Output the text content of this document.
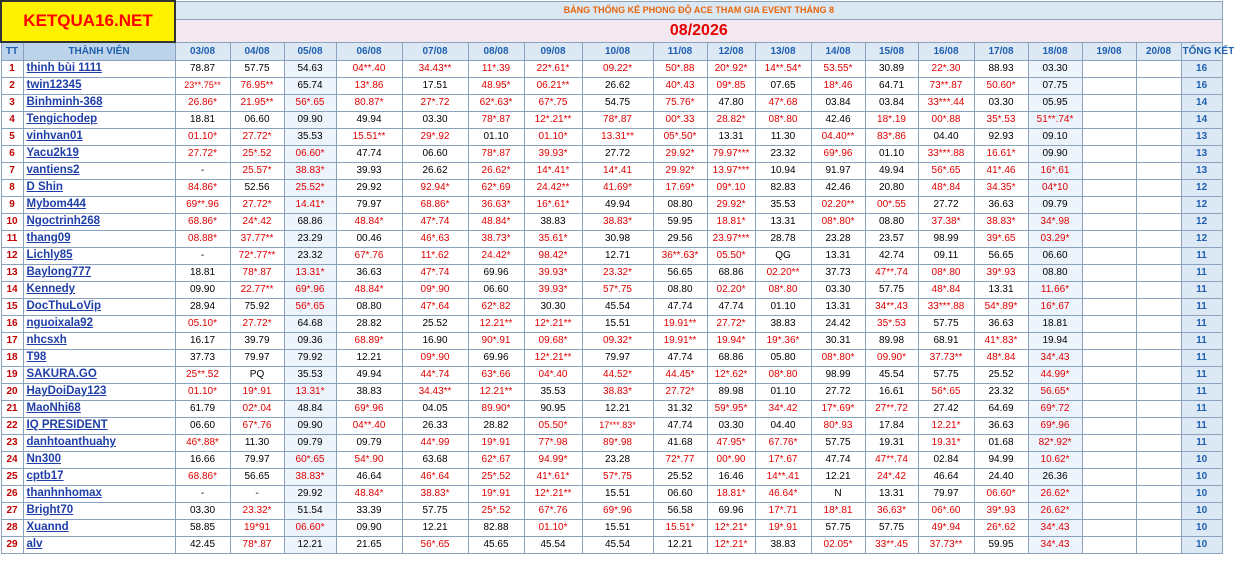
KETQUA16.NET		BẢNG THỐNG KẾ PHONG ĐỘ ACE THAM GIA EVENT THÁNG 8																		
		08/2026																		
TT	THÀNH VIÊN	03/08	04/08	05/08	06/08	07/08	08/08	09/08	10/08	11/08	12/08	13/08	14/08	15/08	16/08	17/08	18/08	19/08	20/08	TỔNG KẾT
1	thinh bùi 1111	78.87	57.75	54.63	04**.40	34.43**	11*.39	22*.61*	09.22*	50*.88	20*.92*	14**.54*	53.55*	30.89	22*.30	88.93	03.30			16
2	twin12345	23**.75**	76.95**	65.74	13*.86	17.51	48.95*	06.21**	26.62	40*.43	09*.85	07.65	18*.46	64.71	73**.87	50.60*	07.75			16
3	Binhminh-368	26.86*	21.95**	56*.65	80.87*	27*.72	62*.63*	67*.75	54.75	75.76*	47.80	47*.68	03.84	03.84	33***.44	03.30	05.95			14
4	Tengichodep	18.81	06.60	09.90	49.94	03.30	78*.87	12*.21**	78*.87	00*.33	28.82*	08*.80	42.46	18*.19	00*.88	35*.53	51**.74*			14
5	vinhvan01	01.10*	27.72*	35.53	15.51**	29*.92	01.10	01.10*	13.31**	05*.50*	13.31	11.30	04.40**	83*.86	04.40	92.93	09.10			13
6	Yacu2k19	27.72*	25*.52	06.60*	47.74	06.60	78*.87	39.93*	27.72	29.92*	79.97***	23.32	69*.96	01.10	33***.88	16.61*	09.90			13
7	vantiens2	-	25.57*	38.83*	39.93	26.62	26.62*	14*.41*	14*.41	29.92*	13.97***	10.94	91.97	49.94	56*.65	41*.46	16*.61			13
8	D Shin	84.86*	52.56	25.52*	29.92	92.94*	62*.69	24.42**	41.69*	17.69*	09*.10	82.83	42.46	20.80	48*.84	34.35*	04*10			12
9	Mybom444	69**.96	27.72*	14.41*	79.97	68.86*	36.63*	16*.61*	49.94	08.80	29.92*	35.53	02.20**	00*.55	27.72	36.63	09.79			12
10	Ngoctrinh268	68.86*	24*.42	68.86	48.84*	47*.74	48.84*	38.83	38.83*	59.95	18.81*	13.31	08*.80*	08.80	37.38*	38.83*	34*.98			12
11	thang09	08.88*	37.77**	23.29	00.46	46*.63	38.73*	35.61*	30.98	29.56	23.97***	28.78	23.28	23.57	98.99	39*.65	03.29*			12
12	Lichly85	-	72*.77**	23.32	67*.76	11*.62	24.42*	98.42*	12.71	36**.63*	05.50*	QG	13.31	42.74	09.11	56.65	06.60			11
13	Baylong777	18.81	78*.87	13.31*	36.63	47*.74	69.96	39.93*	23.32*	56.65	68.86	02.20**	37.73	47**.74	08*.80	39*.93	08.80			11
14	Kennedy	09.90	22.77**	69*.96	48.84*	09*.90	06.60	39.93*	57*.75	08.80	02.20*	08*.80	03.30	57.75	48*.84	13.31	11.66*			11
15	DocThuLoVip	28.94	75.92	56*.65	08.80	47*.64	62*.82	30.30	45.54	47.74	47.74	01.10	13.31	34**.43	33***.88	54*.89*	16*.67			11
16	nguoixala92	05.10*	27.72*	64.68	28.82	25.52	12.21**	12*.21**	15.51	19.91**	27.72*	38.83	24.42	35*.53	57.75	36.63	18.81			11
17	nhcsxh	16.17	39.79	09.36	68.89*	16.90	90*.91	09.68*	09.32*	19.91**	19.94*	19*.36*	30.31	89.98	68.91	41*.83*	19.94			11
18	T98	37.73	79.97	79.92	12.21	09*.90	69.96	12*.21**	79.97	47.74	68.86	05.80	08*.80*	09.90*	37.73**	48*.84	34*.43			11
19	SAKURA.GO	25**.52	PQ	35.53	49.94	44*.74	63*.66	04*.40	44.52*	44.45*	12*.62*	08*.80	98.99	45.54	57.75	25.52	44.99*			11
20	HayDoiDay123	01.10*	19*.91	13.31*	38.83	34.43**	12.21**	35.53	38.83*	27.72*	89.98	01.10	27.72	16.61	56*.65	23.32	56.65*			11
21	MaoNhi68	61.79	02*.04	48.84	69*.96	04.05	89.90*	90.95	12.21	31.32	59*.95*	34*.42	17*.69*	27**.72	27.42	64.69	69*.72			11
22	IQ PRESIDENT	06.60	67*.76	09.90	04**.40	26.33	28.82	05.50*	17***.83*	47.74	03.30	04.40	80*.93	17.84	12.21*	36.63	69*.96			11
23	danhtoanthuahy	46*.88*	11.30	09.79	09.79	44*.99	19*.91	77*.98	89*.98	41.68	47.95*	67.76*	57.75	19.31	19.31*	01.68	82*.92*			11
24	Nn300	16.66	79.97	60*.65	54*.90	63.68	62*.67	94.99*	23.28	72*.77	00*.90	17*.67	47.74	47**.74	02.84	94.99	10.62*			10
25	cptb17	68.86*	56.65	38.83*	46.64	46*.64	25*.52	41*.61*	57*.75	25.52	16.46	14**.41	12.21	24*.42	46.64	24.40	26.36			10
26	thanhnhomax	-	-	29.92	48.84*	38.83*	19*.91	12*.21**	15.51	06.60	18.81*	46.64*	N	13.31	79.97	06.60*	26.62*			10
27	Bright70	03.30	23.32*	51.54	33.39	57.75	25*.52	67*.76	69*.96	56.58	69.96	17*.71	18*.81	36.63*	06*.60	39*.93	26.62*			10
28	Xuannd	58.85	19*91	06.60*	09.90	12.21	82.88	01.10*	15.51	15.51*	12*.21*	19*.91	57.75	57.75	49*.94	26*.62	34*.43			10
29	alv	42.45	78*.87	12.21	21.65	56*.65	45.65	45.54	45.54	12.21	12*.21*	38.83	02.05*	33**.45	37.73**	59.95	34*.43			10
